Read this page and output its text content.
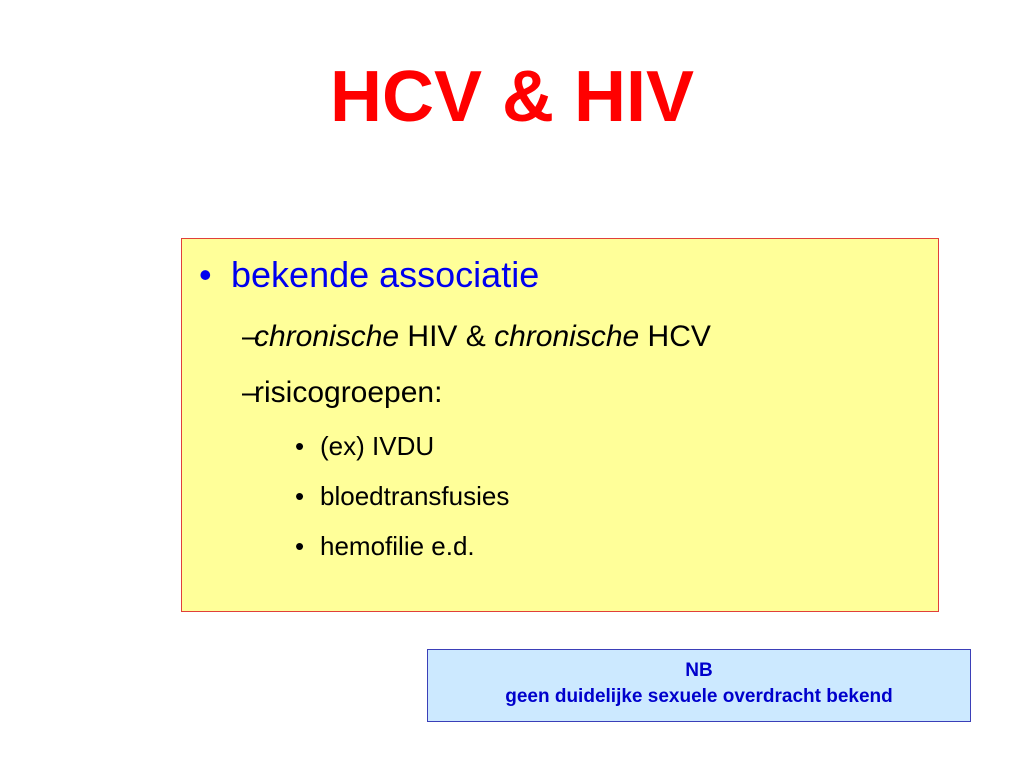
HCV & HIV
• bekende associatie
–chronische HIV & chronische HCV
–risicogroepen:
• (ex) IVDU
• bloedtransfusies
• hemofilie e.d.
NB
geen duidelijke sexuele overdracht bekend
